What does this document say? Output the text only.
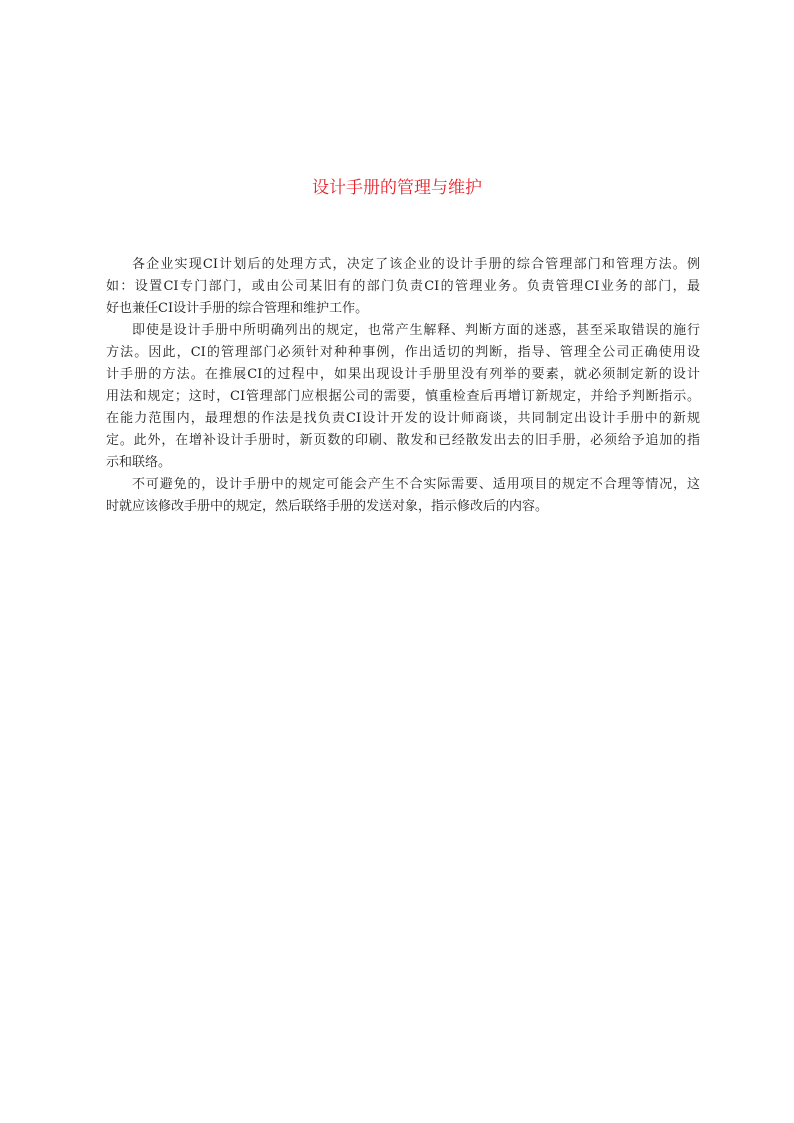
设计手册的管理与维护
各企业实现CI计划后的处理方式，决定了该企业的设计手册的综合管理部门和管理方法。例
如：设置CI专门部门，或由公司某旧有的部门负责CI的管理业务。负责管理CI业务的部门，最
好也兼任CI设计手册的综合管理和维护工作。
即使是设计手册中所明确列出的规定，也常产生解释、判断方面的迷惑，甚至采取错误的施行
方法。因此，CI的管理部门必须针对种种事例，作出适切的判断，指导、管理全公司正确使用设
计手册的方法。在推展CI的过程中，如果出现设计手册里没有列举的要素，就必须制定新的设计
用法和规定；这时，CI管理部门应根据公司的需要，慎重检查后再增订新规定，并给予判断指示。
在能力范围内，最理想的作法是找负责CI设计开发的设计师商谈，共同制定出设计手册中的新规
定。此外，在增补设计手册时，新页数的印刷、散发和已经散发出去的旧手册，必须给予追加的指
示和联络。
不可避免的，设计手册中的规定可能会产生不合实际需要、适用项目的规定不合理等情况，这
时就应该修改手册中的规定，然后联络手册的发送对象，指示修改后的内容。
